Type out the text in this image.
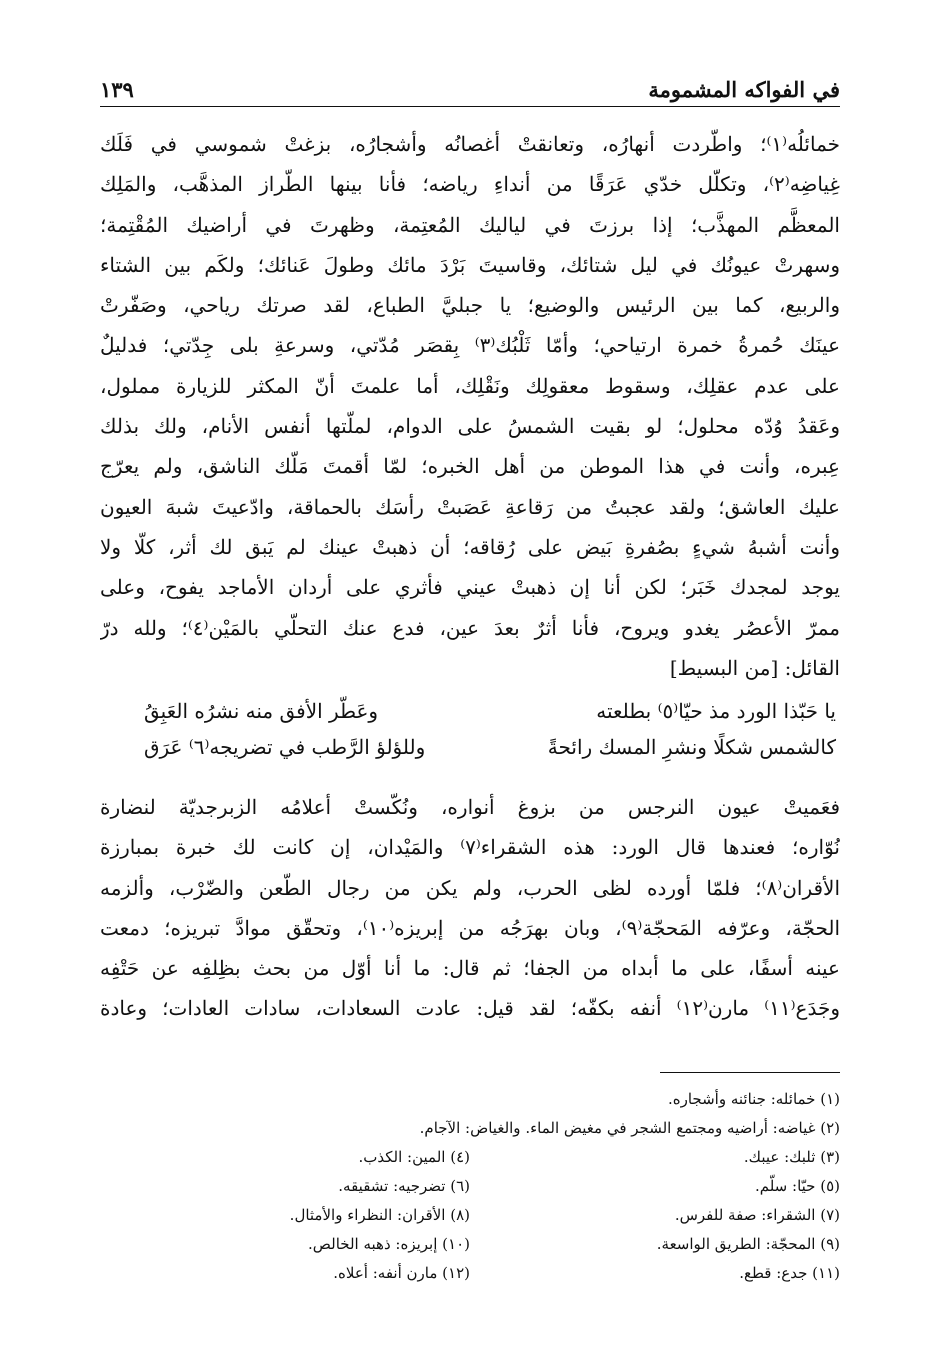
في الفواكه المشمومة
١٣٩
خمائلُه⁽١⁾؛ واطّردت أنهارُه، وتعانقتْ أغصانُه وأشجارُه، بزغتْ شموسي في فَلَك
غِياضِه⁽٢⁾، وتكلّل خدّي عَرَقًا من أنداءِ رياضه؛ فأنا بينها الطّراز المذهَّب، والمَلِك
المعظَّم المهذَّب؛ إذا برزتَ في لياليك المُعتِمة، وظهرتَ في أراضيك المُقْتِمة؛
وسهرتْ عيونُك في ليل شتائك، وقاسيتَ بَرْدَ مائك وطولَ عَنائك؛ ولكَم بين الشتاء
والربيع، كما بين الرئيس والوضيع؛ يا جبليَّ الطباع، لقد صرتك رياحي، وصَفّرتْ
عينَك حُمرةُ خمرة ارتياحي؛ وأمّا ثَلْبُك⁽٣⁾ بِقصَر مُدّتي، وسرعةِ بلى جِدّتي؛ فدليلٌ
على عدم عقلِك، وسقوط معقولِك ونَقْلِك، أما علمتَ أنّ المكثر للزيارة مملول،
وعَقدُ وُدّه محلول؛ لو بقيت الشمسُ على الدوام، لملّتها أنفس الأنام، ولك بذلك
عِبره، وأنت في هذا الموطن من أهل الخبره؛ لمّا أقمتَ مَلّك الناشق، ولم يعرّج
عليك العاشق؛ ولقد عجبتُ من رَقاعةِ عَصَبتْ رأسَك بالحماقة، وادّعيتَ شبهَ العيون
وأنت أشبهُ شيءٍ بصُفرةِ بَيض على رُقاقه؛ أن ذهبتْ عينك لم يَبق لك أثر، كلّا ولا
يوجد لمجدك خَبَر؛ لكن أنا إن ذهبتْ عيني فأثري على أردان الأماجد يفوح، وعلى
ممرّ الأعصُر يغدو ويروح، فأنا أثرٌ بعدَ عين، فدع عنك التحلّي بالمَيْن⁽٤⁾؛ ولله درّ
القائل: [من البسيط]
يا حَبّذا الورد مذ حيّا⁽٥⁾ بطلعته
وعَطّر الأفق منه نشرُه العَبِقُ
كالشمس شكلًا ونشرِ المسك رائحةً
وللؤلؤ الرَّطب في تضريجه⁽٦⁾ عَرَق
فعَميتْ عيون النرجس من بزوغ أنواره، ونُكّستْ أعلامُه الزبرجديّة لنضارة
نُوّاره؛ فعندها قال الورد: هذه الشقراء⁽٧⁾ والمَيْدان، إن كانت لك خبرة بمبارزة
الأقران⁽٨⁾؛ فلمّا أورده لظى الحرب، ولم يكن من رجال الطّعن والضّرْب، وألزمه
الحجّة، وعرّفه المَحجّة⁽٩⁾، وبان بهرَجُه من إبريزه⁽١٠⁾، وتحقّق موادَّ تبريزه؛ دمعت
عينه أسفًا، على ما أبداه من الجفا؛ ثم قال: ما أنا أوّل من بحث بظِلفِه عن حَتْفِه
وجَدَع⁽١١⁾ مارن⁽١٢⁾ أنفه بكفّه؛ لقد قيل: عادت السعادات، سادات العادات؛ وعادة
(١) خمائله: جنائنه وأشجاره.
(٢) غياضه: أراضيه ومجتمع الشجر في مغيض الماء. والغياض: الآجام.
(٣) ثلبك: عيبك.
(٤) المين: الكذب.
(٥) حيّا: سلّم.
(٦) تضرجيه: تشقيقه.
(٧) الشقراء: صفة للفرس.
(٨) الأقران: النظراء والأمثال.
(٩) المحجّة: الطريق الواسعة.
(١٠) إبريزه: ذهبه الخالص.
(١١) جدع: قطع.
(١٢) مارن أنفه: أعلاه.
